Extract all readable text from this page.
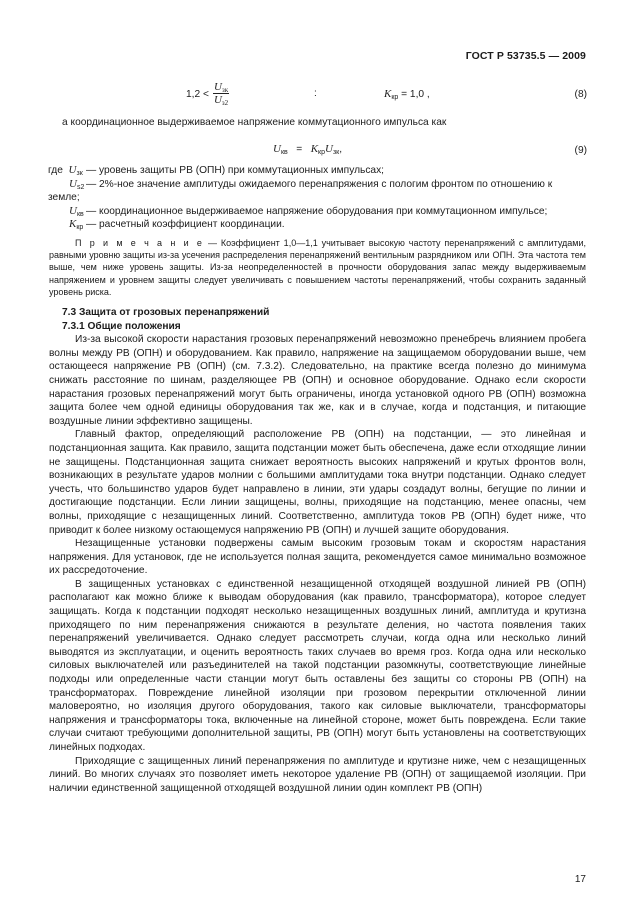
ГОСТ Р 53735.5 — 2009
1,2 <
$U_{зк}$
$U_{з2}$
:	$K_{кр} = 1,0$ ,	(8)

а координационное выдерживаемое напряжение коммутационного импульса как

$U_{кв} = K_{кр}U_{зк}$,	(9)
где $U_{зк}$ — уровень защиты РВ (ОПН) при коммутационных импульсах;
$U_{s2}$ — 2%-ное значение амплитуды ожидаемого перенапряжения с пологим фронтом по отношению к
земле;
$U_{кв}$ — координационное выдерживаемое напряжение оборудования при коммутационном импульсе;
$K_{кр}$ — расчетный коэффициент координации.

П р и м е ч а н и е — Коэффициент 1,0—1,1 учитывает высокую частоту перенапряжений с амплитудами, равными уровню защиты из-за усечения распределения перенапряжений вентильным разрядником или ОПН. Эта частота тем выше, чем ниже уровень защиты. Из-за неопределенностей в прочности оборудования запас между выдерживаемым напряжением и уровнем защиты следует увеличивать с повышением частоты перенапряжений, чтобы сохранить заданный уровень риска.

7.3 Защита от грозовых перенапряжений

7.3.1 Общие положения

Из-за высокой скорости нарастания грозовых перенапряжений невозможно пренебречь влиянием пробега волны между РВ (ОПН) и оборудованием. Как правило, напряжение на защищаемом оборудовании выше, чем остающееся напряжение РВ (ОПН) (см. 7.3.2). Следовательно, на практике всегда полезно до минимума снижать расстояние по шинам, разделяющее РВ (ОПН) и основное оборудование. Однако если скорости нарастания грозовых перенапряжений могут быть ограничены, иногда установкой одного РВ (ОПН) возможна защита более чем одной единицы оборудования так же, как и в случае, когда и подстанция, и питающие воздушные линии эффективно защищены.

Главный фактор, определяющий расположение РВ (ОПН) на подстанции, — это линейная и подстанционная защита. Как правило, защита подстанции может быть обеспечена, даже если отходящие линии не защищены. Подстанционная защита снижает вероятность высоких напряжений и крутых фронтов волн, возникающих в результате ударов молнии с большими амплитудами тока внутри подстанции. Однако следует учесть, что большинство ударов будет направлено в линии, эти удары создадут волны, бегущие по линии и достигающие подстанции. Если линии защищены, волны, приходящие на подстанцию, менее опасны, чем волны, приходящие с незащищенных линий. Соответственно, амплитуда токов РВ (ОПН) будет ниже, что приводит к более низкому остающемуся напряжению РВ (ОПН) и лучшей защите оборудования.

Незащищенные установки подвержены самым высоким грозовым токам и скоростям нарастания напряжения. Для установок, где не используется полная защита, рекомендуется самое минимально возможное их рассредоточение.

В защищенных установках с единственной незащищенной отходящей воздушной линией РВ (ОПН) располагают как можно ближе к выводам оборудования (как правило, трансформатора), которое следует защищать. Когда к подстанции подходят несколько незащищенных воздушных линий, амплитуда и крутизна приходящего по ним перенапряжения снижаются в результате деления, но частота появления таких перенапряжений увеличивается. Однако следует рассмотреть случаи, когда одна или несколько линий выводятся из эксплуатации, и оценить вероятность таких случаев во время гроз. Когда одна или несколько силовых выключателей или разъединителей на такой подстанции разомкнуты, соответствующие линейные подходы или определенные части станции могут быть оставлены без защиты со стороны РВ (ОПН) на трансформаторах. Повреждение линейной изоляции при грозовом перекрытии отключенной линии маловероятно, но изоляция другого оборудования, такого как силовые выключатели, трансформаторы напряжения и трансформаторы тока, включенные на линейной стороне, может быть повреждена. Если такие случаи считают требующими дополнительной защиты, РВ (ОПН) могут быть установлены на соответствующих линейных подходах.

Приходящие с защищенных линий перенапряжения по амплитуде и крутизне ниже, чем с незащищенных линий. Во многих случаях это позволяет иметь некоторое удаление РВ (ОПН) от защищаемой изоляции. При наличии единственной защищенной отходящей воздушной линии один комплект РВ (ОПН)

17
